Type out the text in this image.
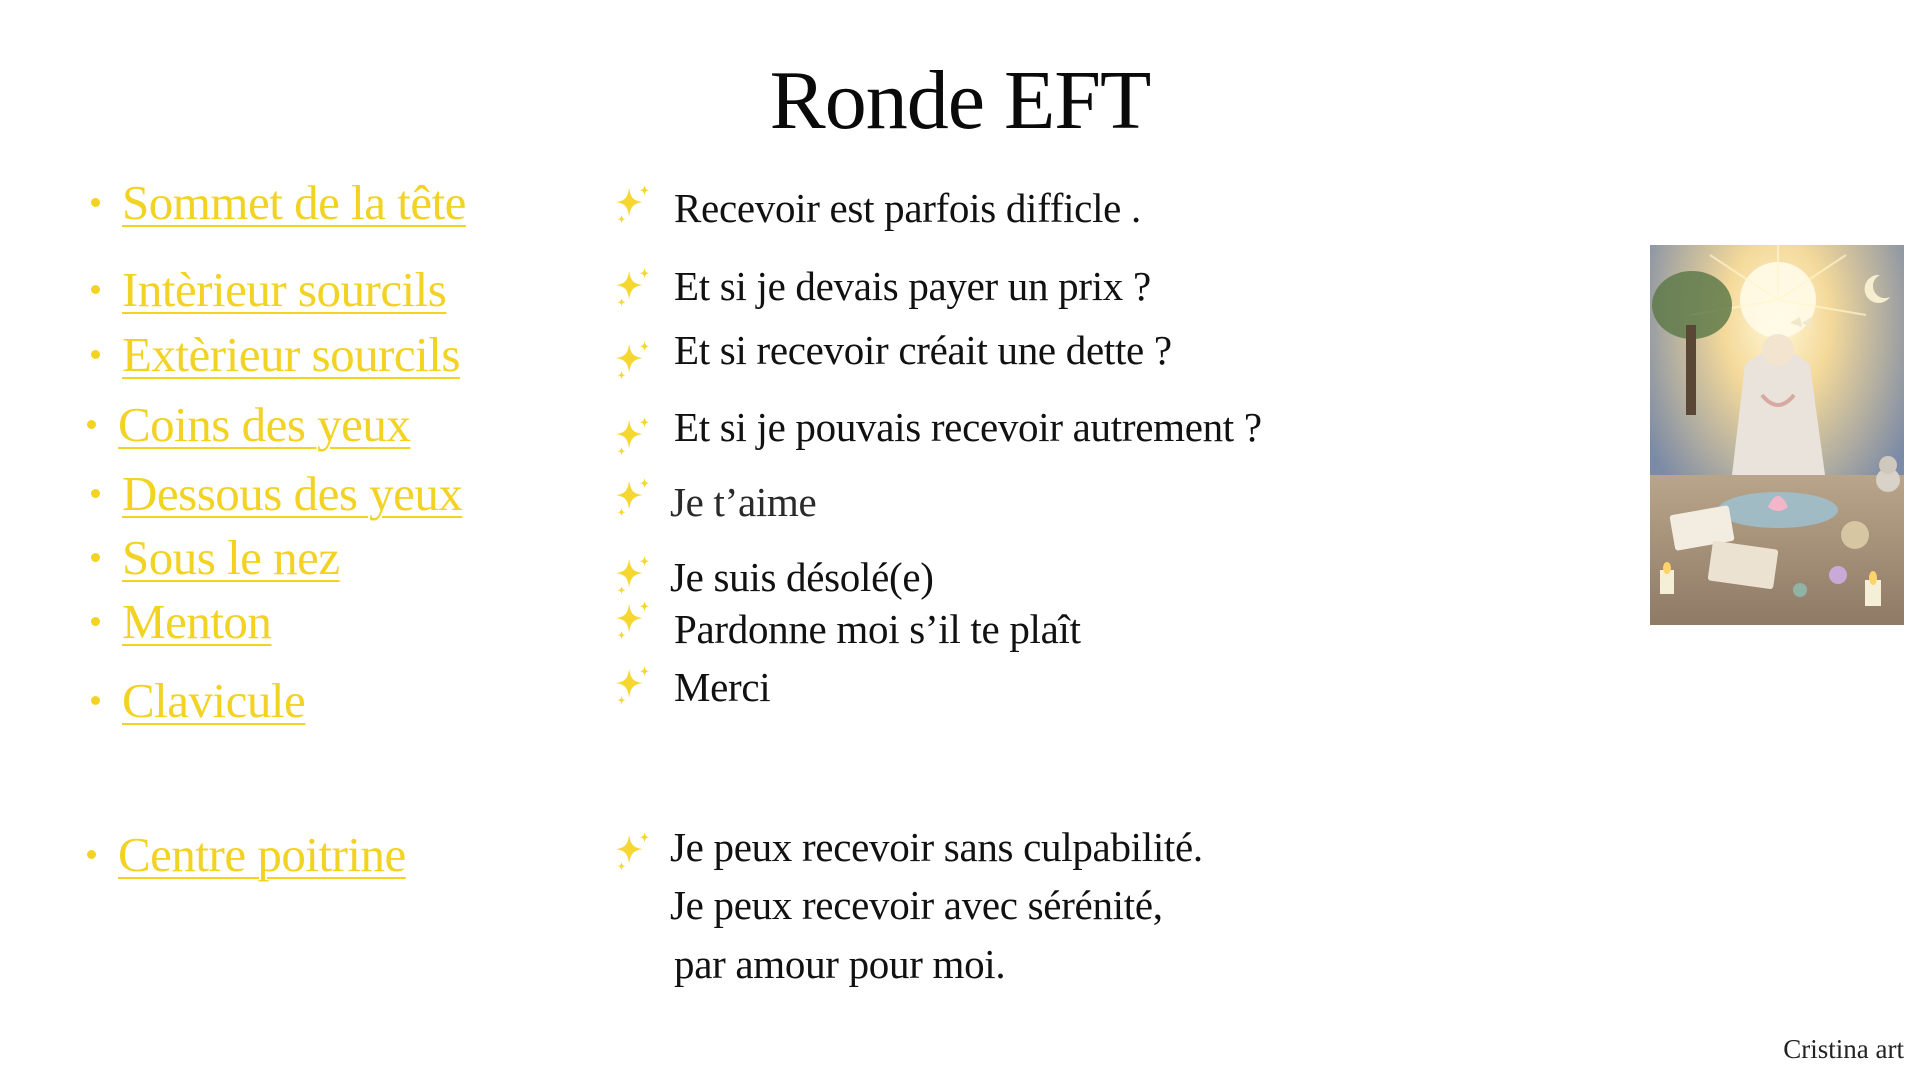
Ronde EFT
Sommet de la tête
Intèrieur sourcils
Extèrieur sourcils
Coins des yeux
Dessous des yeux
Sous le nez
Menton
Clavicule
Centre poitrine
Recevoir est parfois difficle .
Et si je devais payer un prix ?
Et si recevoir créait une dette ?
Et si je pouvais recevoir autrement ?
Je t’aime
Je suis désolé(e)
Pardonne moi s’il te plaît
Merci
Je peux recevoir sans culpabilité.
Je peux recevoir avec sérénité,
par amour pour moi.
Cristina art
